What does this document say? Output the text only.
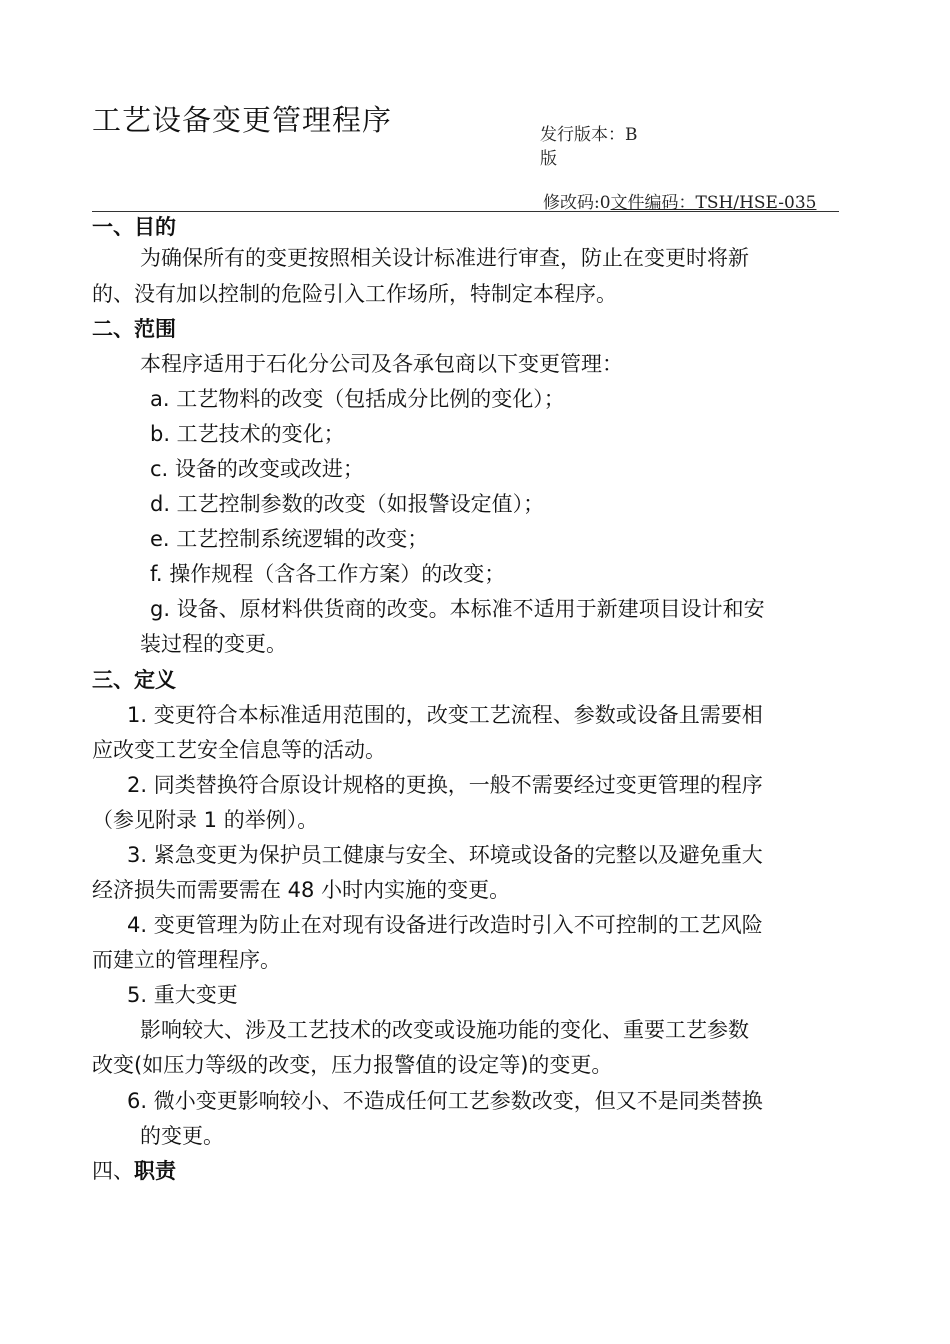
工艺设备变更管理程序	发行版本：B
版
修改码:0文件编码：TSH/HSE-035
一、目的
为确保所有的变更按照相关设计标准进行审查，防止在变更时将新
的、没有加以控制的危险引入工作场所，特制定本程序。
二、范围
本程序适用于石化分公司及各承包商以下变更管理：
a. 工艺物料的改变（包括成分比例的变化）；
b. 工艺技术的变化；
c. 设备的改变或改进；
d. 工艺控制参数的改变（如报警设定值）；
e. 工艺控制系统逻辑的改变；
f. 操作规程（含各工作方案）的改变；
g. 设备、原材料供货商的改变。本标准不适用于新建项目设计和安
装过程的变更。
三、定义
1. 变更符合本标准适用范围的，改变工艺流程、参数或设备且需要相
应改变工艺安全信息等的活动。
2. 同类替换符合原设计规格的更换，一般不需要经过变更管理的程序
（参见附录 1 的举例）。
3. 紧急变更为保护员工健康与安全、环境或设备的完整以及避免重大
经济损失而需要需在 48 小时内实施的变更。
4. 变更管理为防止在对现有设备进行改造时引入不可控制的工艺风险
而建立的管理程序。
5. 重大变更
影响较大、涉及工艺技术的改变或设施功能的变化、重要工艺参数
改变(如压力等级的改变，压力报警值的设定等)的变更。
6. 微小变更影响较小、不造成任何工艺参数改变，但又不是同类替换
的变更。
四、职责
